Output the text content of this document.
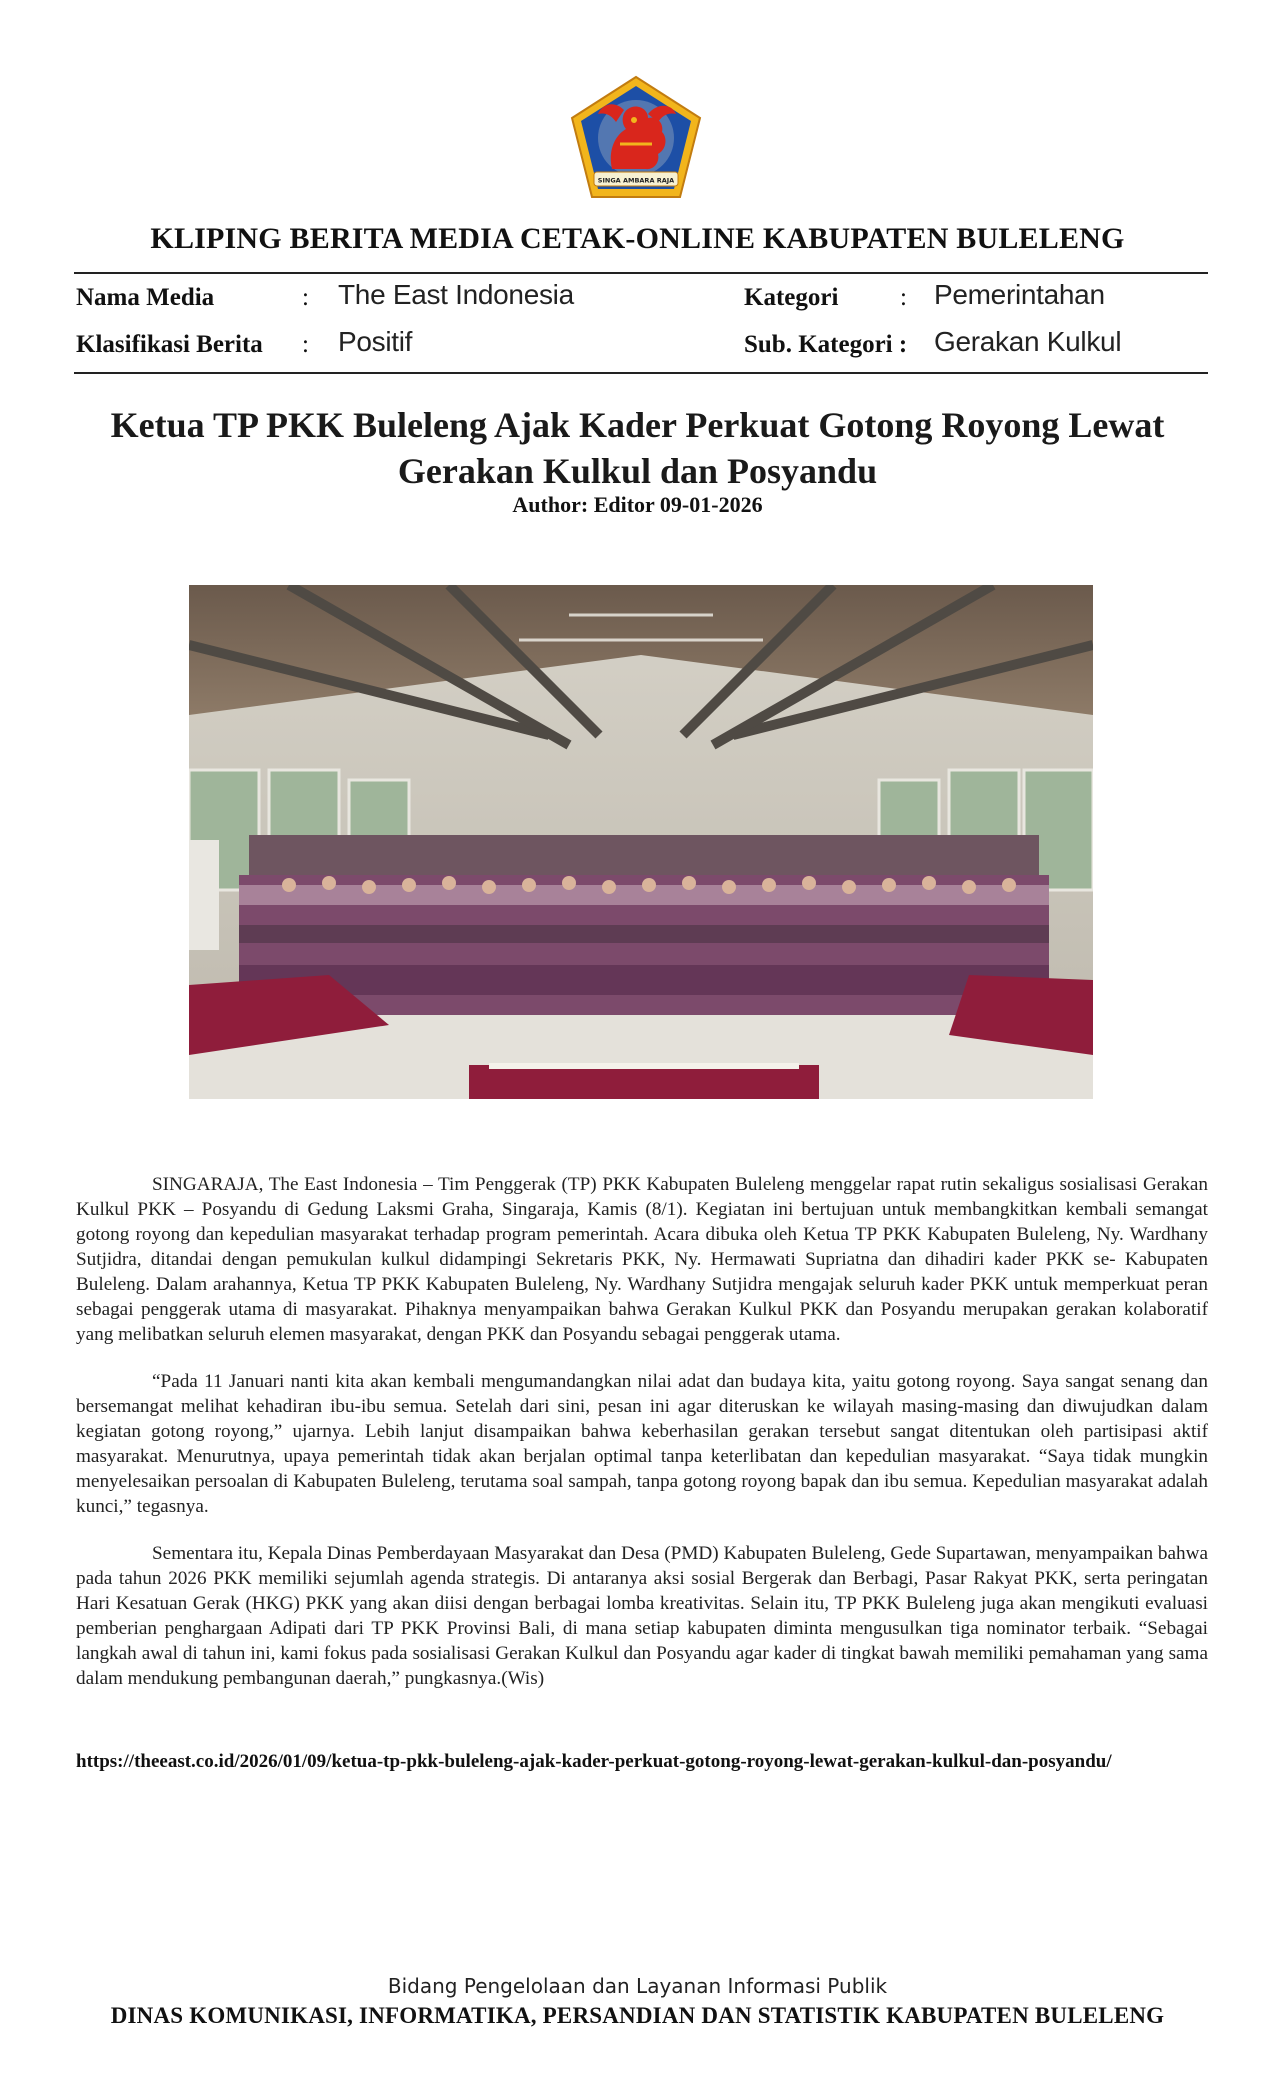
SINGA AMBARA RAJA
KLIPING BERITA MEDIA CETAK-ONLINE KABUPATEN BULELENG
Nama Media	: The East Indonesia	Kategori : Pemerintahan
Klasifikasi Berita : Positif	Sub. Kategori : Gerakan Kulkul
Ketua TP PKK Buleleng Ajak Kader Perkuat Gotong Royong Lewat Gerakan Kulkul dan Posyandu
Author: Editor 09-01-2026

SINGARAJA, The East Indonesia – Tim Penggerak (TP) PKK Kabupaten Buleleng menggelar rapat rutin sekaligus sosialisasi Gerakan Kulkul PKK – Posyandu di Gedung Laksmi Graha, Singaraja, Kamis (8/1). Kegiatan ini bertujuan untuk membangkitkan kembali semangat gotong royong dan kepedulian masyarakat terhadap program pemerintah. Acara dibuka oleh Ketua TP PKK Kabupaten Buleleng, Ny. Wardhany Sutjidra, ditandai dengan pemukulan kulkul didampingi Sekretaris PKK, Ny. Hermawati Supriatna dan dihadiri kader PKK se- Kabupaten Buleleng. Dalam arahannya, Ketua TP PKK Kabupaten Buleleng, Ny. Wardhany Sutjidra mengajak seluruh kader PKK untuk memperkuat peran sebagai penggerak utama di masyarakat. Pihaknya menyampaikan bahwa Gerakan Kulkul PKK dan Posyandu merupakan gerakan kolaboratif yang melibatkan seluruh elemen masyarakat, dengan PKK dan Posyandu sebagai penggerak utama.

“Pada 11 Januari nanti kita akan kembali mengumandangkan nilai adat dan budaya kita, yaitu gotong royong. Saya sangat senang dan bersemangat melihat kehadiran ibu-ibu semua. Setelah dari sini, pesan ini agar diteruskan ke wilayah masing-masing dan diwujudkan dalam kegiatan gotong royong,” ujarnya. Lebih lanjut disampaikan bahwa keberhasilan gerakan tersebut sangat ditentukan oleh partisipasi aktif masyarakat. Menurutnya, upaya pemerintah tidak akan berjalan optimal tanpa keterlibatan dan kepedulian masyarakat. “Saya tidak mungkin menyelesaikan persoalan di Kabupaten Buleleng, terutama soal sampah, tanpa gotong royong bapak dan ibu semua. Kepedulian masyarakat adalah kunci,” tegasnya.

Sementara itu, Kepala Dinas Pemberdayaan Masyarakat dan Desa (PMD) Kabupaten Buleleng, Gede Supartawan, menyampaikan bahwa pada tahun 2026 PKK memiliki sejumlah agenda strategis. Di antaranya aksi sosial Bergerak dan Berbagi, Pasar Rakyat PKK, serta peringatan Hari Kesatuan Gerak (HKG) PKK yang akan diisi dengan berbagai lomba kreativitas. Selain itu, TP PKK Buleleng juga akan mengikuti evaluasi pemberian penghargaan Adipati dari TP PKK Provinsi Bali, di mana setiap kabupaten diminta mengusulkan tiga nominator terbaik. “Sebagai langkah awal di tahun ini, kami fokus pada sosialisasi Gerakan Kulkul dan Posyandu agar kader di tingkat bawah memiliki pemahaman yang sama dalam mendukung pembangunan daerah,” pungkasnya.(Wis)

https://theeast.co.id/2026/01/09/ketua-tp-pkk-buleleng-ajak-kader-perkuat-gotong-royong-lewat-gerakan-kulkul-dan-posyandu/
Bidang Pengelolaan dan Layanan Informasi Publik
DINAS KOMUNIKASI, INFORMATIKA, PERSANDIAN DAN STATISTIK KABUPATEN BULELENG
